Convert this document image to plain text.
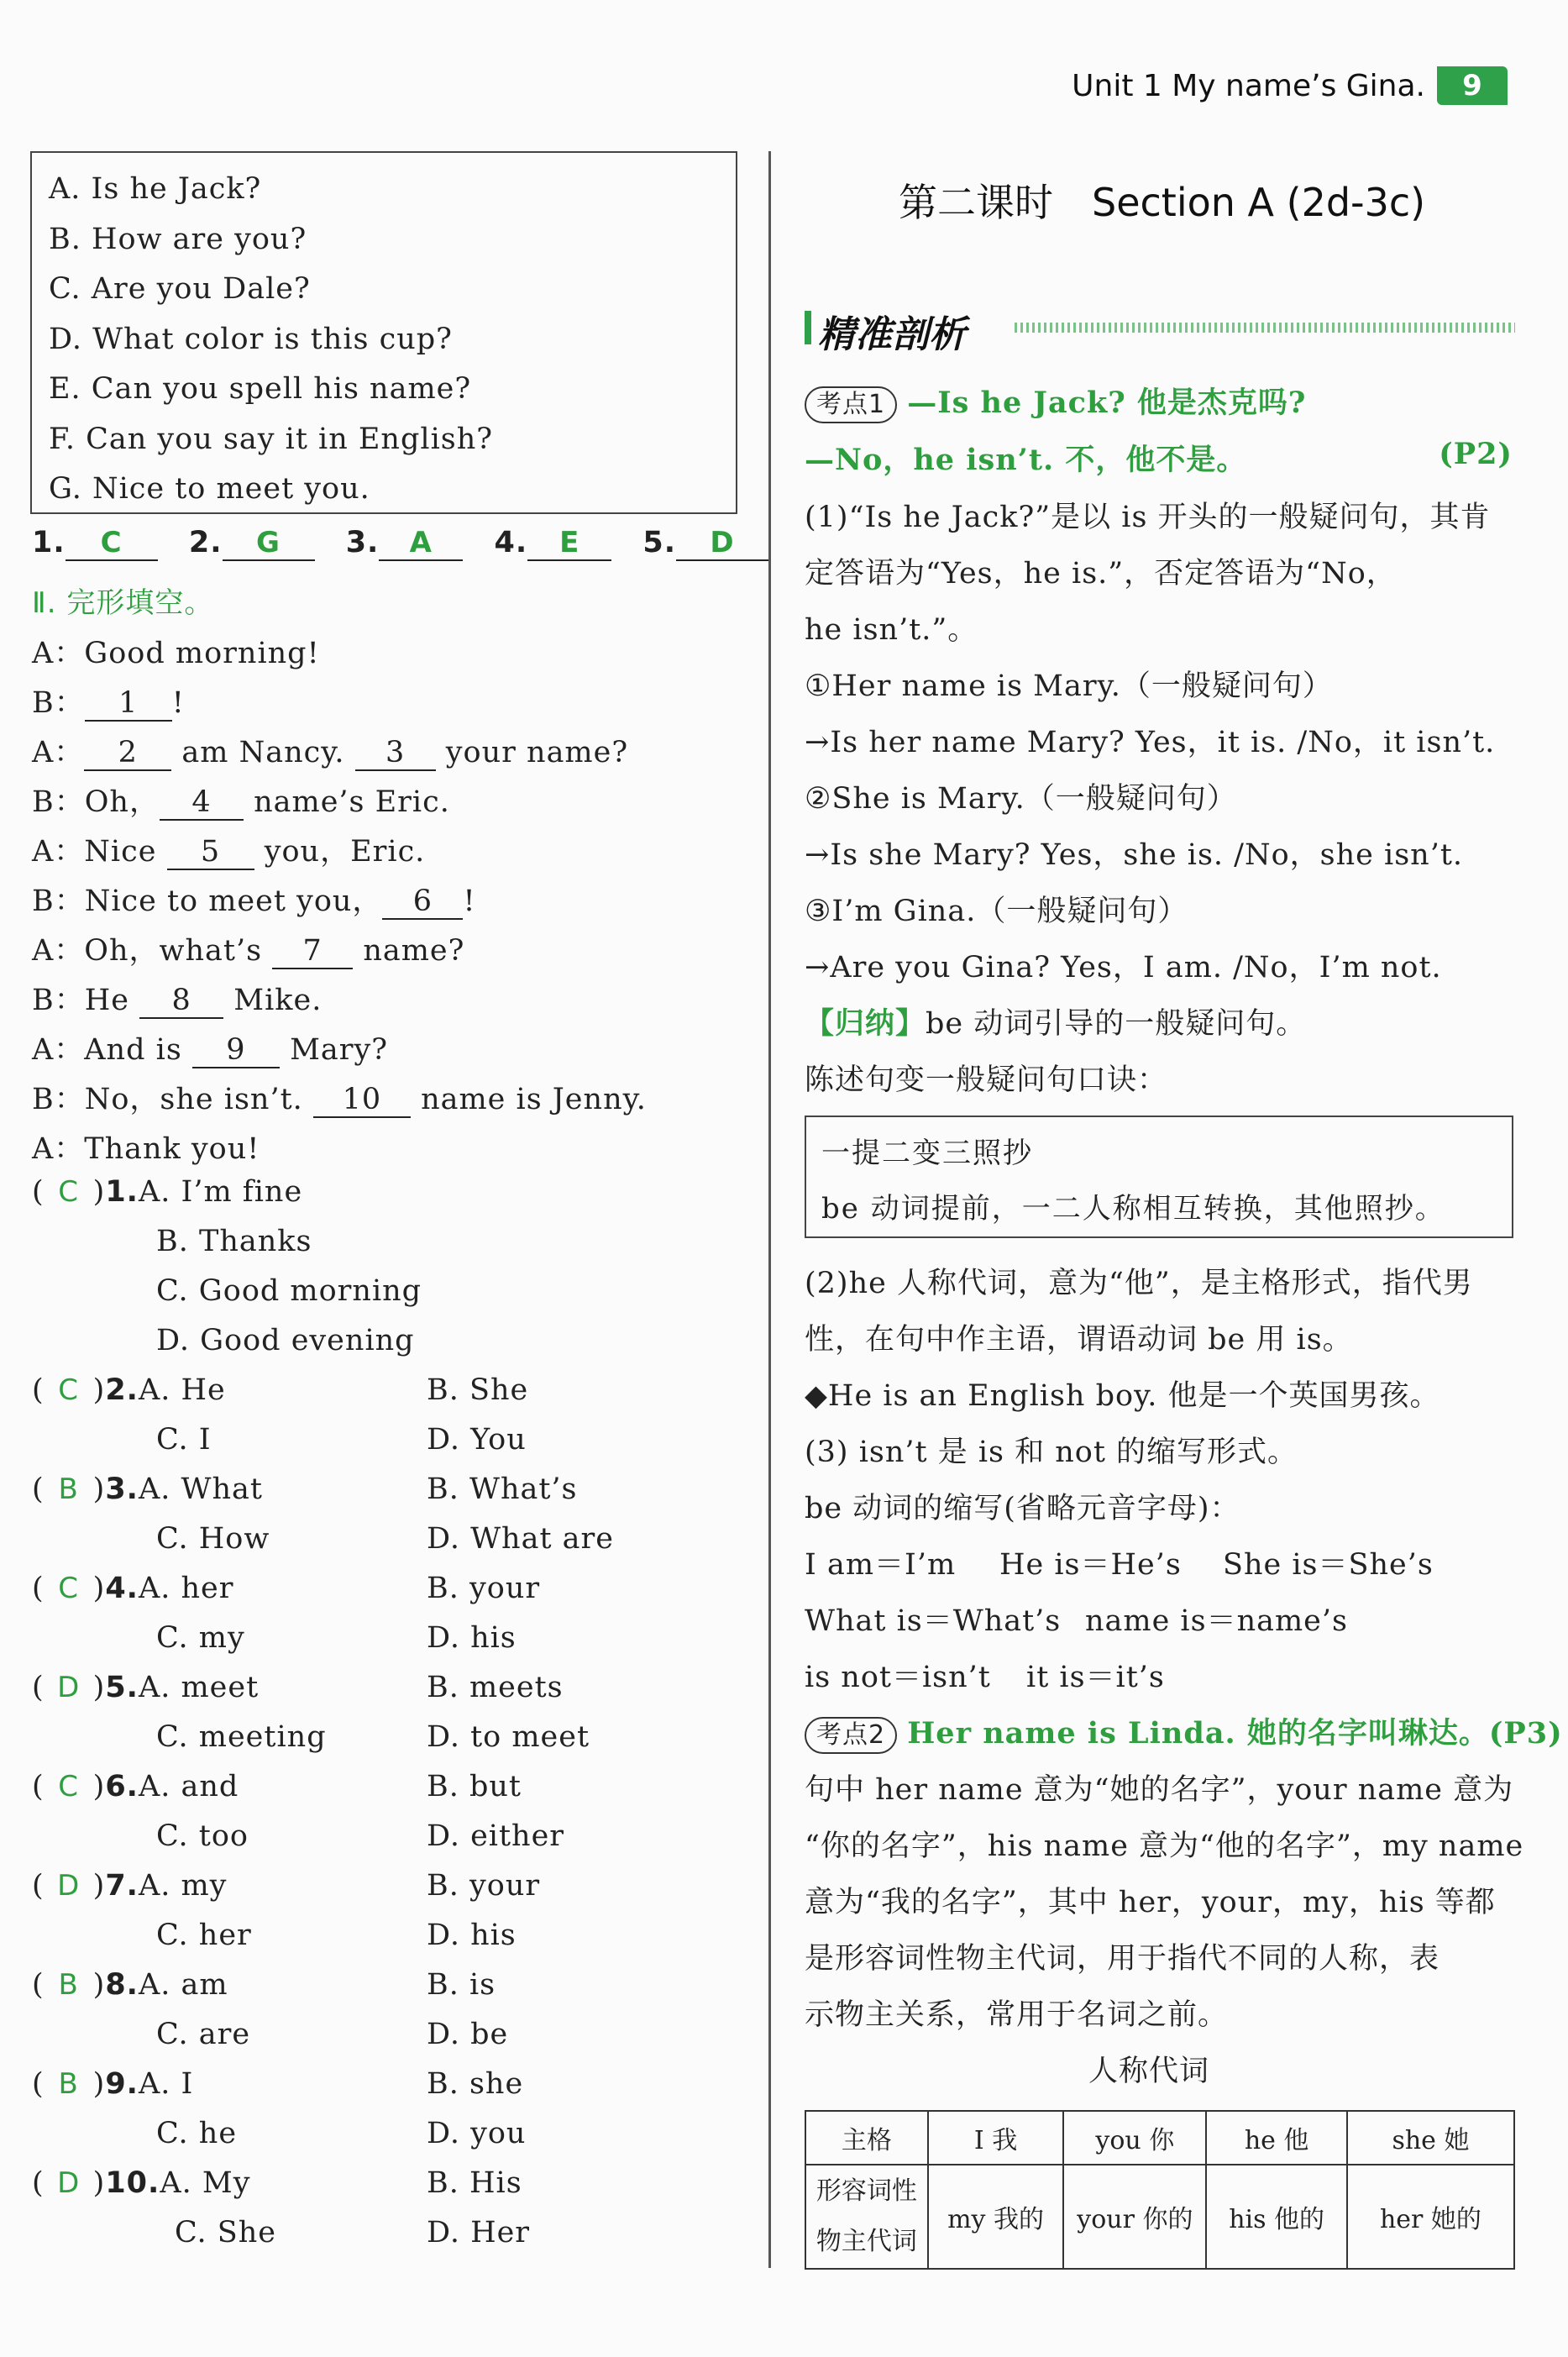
Unit 1 My name’s Gina.	9
A. Is he Jack?
B. How are you?
C. Are you Dale?
D. What color is this cup?
E. Can you spell his name?
F. Can you say it in English?
G. Nice to meet you.
1. C 2. G 3. A 4. E 5. D
Ⅱ. 完形填空。
A：Good morning!
B： 1 !
A： 2 am Nancy. 3 your name?
B：Oh， 4 name’s Eric.
A：Nice 5 you，Eric.
B：Nice to meet you， 6 !
A：Oh，what’s 7 name?
B：He 8 Mike.
A：And is 9 Mary?
B：No，she isn’t. 10 name is Jenny.
A：Thank you!
( C )1.A. I’m fine
B. Thanks
C. Good morning
D. Good evening
( C )2.A. He	B. She
C. I	D. You
( B )3.A. What	B. What’s
C. How	D. What are
( C )4.A. her	B. your
C. my	D. his
( D )5.A. meet	B. meets
C. meeting	D. to meet
( C )6.A. and	B. but
C. too	D. either
( D )7.A. my	B. your
C. her	D. his
( B )8.A. am	B. is
C. are	D. be
( B )9.A. I	B. she
C. he	D. you
( D )10.A. My	B. His
C. She	D. Her
第二课时　Section A (2d-3c)
精准剖析
考点1 —Is he Jack? 他是杰克吗?
—No，he isn’t. 不，他不是。	(P2)
(1)“Is he Jack?”是以 is 开头的一般疑问句，其肯
定答语为“Yes，he is.”，否定答语为“No，
he isn’t.”。
①Her name is Mary.（一般疑问句）
→Is her name Mary? Yes，it is. /No，it isn’t.
②She is Mary.（一般疑问句）
→Is she Mary? Yes，she is. /No，she isn’t.
③I’m Gina.（一般疑问句）
→Are you Gina? Yes，I am. /No，I’m not.
【归纳】be 动词引导的一般疑问句。
陈述句变一般疑问句口诀：
一提二变三照抄
be 动词提前，一二人称相互转换，其他照抄。
(2)he 人称代词，意为“他”，是主格形式，指代男
性，在句中作主语，谓语动词 be 用 is。
◆He is an English boy. 他是一个英国男孩。
(3) isn’t 是 is 和 not 的缩写形式。
be 动词的缩写(省略元音字母)：
I am＝I’m He is＝He’s She is＝She’s
What is＝What’s name is＝name’s
is not＝isn’t it is＝it’s
考点2 Her name is Linda. 她的名字叫琳达。(P3)
句中 her name 意为“她的名字”，your name 意为
“你的名字”，his name 意为“他的名字”，my name
意为“我的名字”，其中 her，your，my，his 等都
是形容词性物主代词，用于指代不同的人称，表
示物主关系，常用于名词之前。
人称代词
主格	I 我	you 你	he 他	she 她
形容词性
物主代词	my 我的	your 你的	his 他的	her 她的
